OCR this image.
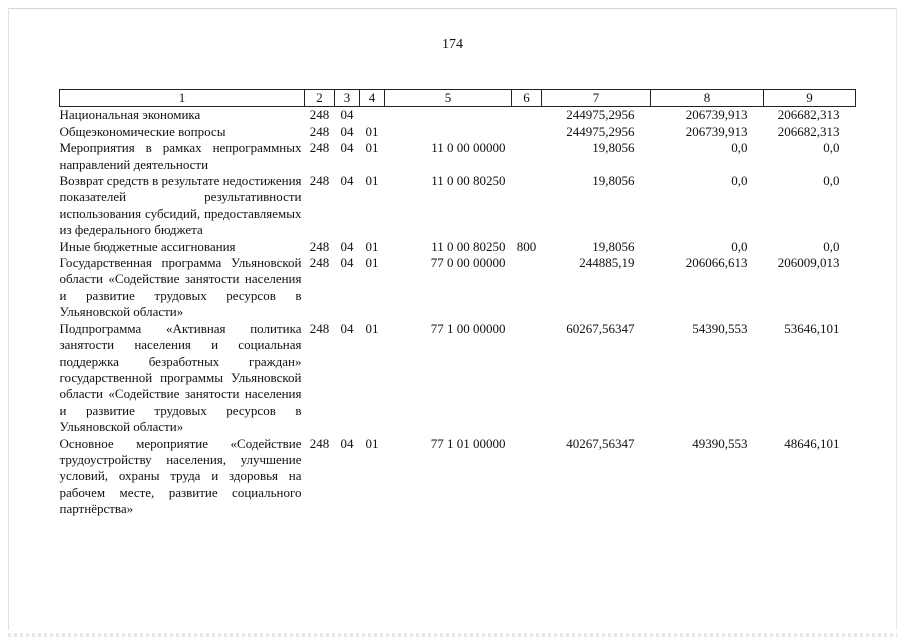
174
1	2	3	4	5	6	7	8	9
Национальная экономика	248	04				244975,2956	206739,913	206682,313
Общеэкономические вопросы	248	04	01			244975,2956	206739,913	206682,313
Мероприятия в рамках непрограммных направлений деятельности	248	04	01	11 0 00 00000		19,8056	0,0	0,0
Возврат средств в результате недостижения показателей результативности использования субсидий, предоставляемых из федерального бюджета	248	04	01	11 0 00 80250		19,8056	0,0	0,0
Иные бюджетные ассигнования	248	04	01	11 0 00 80250	800	19,8056	0,0	0,0
Государственная программа Ульяновской области «Содействие занятости населения и развитие трудовых ресурсов в Ульяновской области»	248	04	01	77 0 00 00000		244885,19	206066,613	206009,013
Подпрограмма «Активная политика занятости населения и социальная поддержка безработных граждан» государственной программы Ульяновской области «Содействие занятости населения и развитие трудовых ресурсов в Ульяновской области»	248	04	01	77 1 00 00000		60267,56347	54390,553	53646,101
Основное мероприятие «Содействие трудоустройству населения, улучшение условий, охраны труда и здоровья на рабочем месте, развитие социального партнёрства»	248	04	01	77 1 01 00000		40267,56347	49390,553	48646,101
